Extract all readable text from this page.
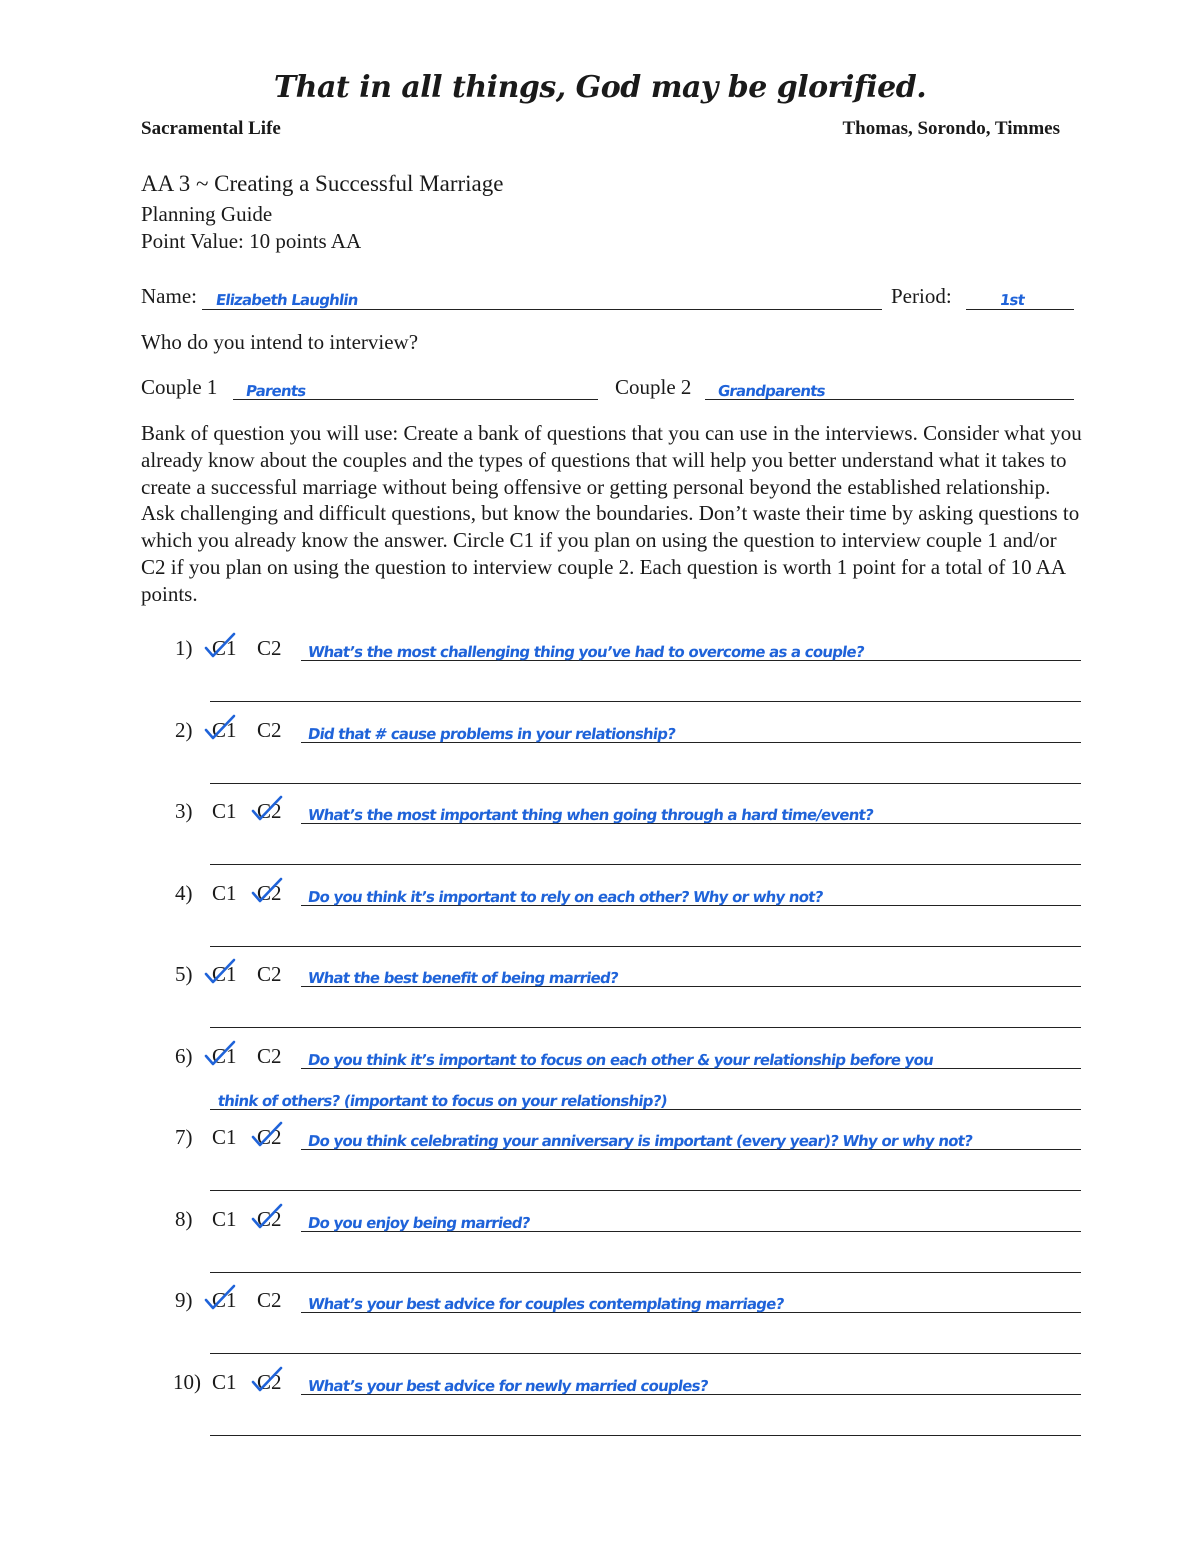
That in all things, God may be glorified.
Sacramental Life	Thomas, Sorondo, Timmes
AA 3 ~ Creating a Successful Marriage
Planning Guide
Point Value: 10 points AA
Name: Elizabeth Laughlin	Period:	1st
Who do you intend to interview?
Couple 1 Parents	Couple 2 Grandparents
Bank of question you will use: Create a bank of questions that you can use in the interviews. Consider what you already know about the couples and the types of questions that will help you better understand what it takes to create a successful marriage without being offensive or getting personal beyond the established relationship. Ask challenging and difficult questions, but know the boundaries. Don’t waste their time by asking questions to which you already know the answer. Circle C1 if you plan on using the question to interview couple 1 and/or C2 if you plan on using the question to interview couple 2. Each question is worth 1 point for a total of 10 AA points.
1) C1 C2 What’s the most challenging thing you’ve had to overcome as a couple?
2) C1 C2 Did that # cause problems in your relationship?
3) C1 C2 What’s the most important thing when going through a hard time/event?
4) C1 C2 Do you think it’s important to rely on each other? Why or why not?
5) C1 C2 What the best benefit of being married?
6) C1 C2 Do you think it’s important to focus on each other & your relationship before you
think of others? (important to focus on your relationship?)
7) C1 C2 Do you think celebrating your anniversary is important (every year)? Why or why not?
8) C1 C2 Do you enjoy being married?
9) C1 C2 What’s your best advice for couples contemplating marriage?
10) C1 C2 What’s your best advice for newly married couples?
